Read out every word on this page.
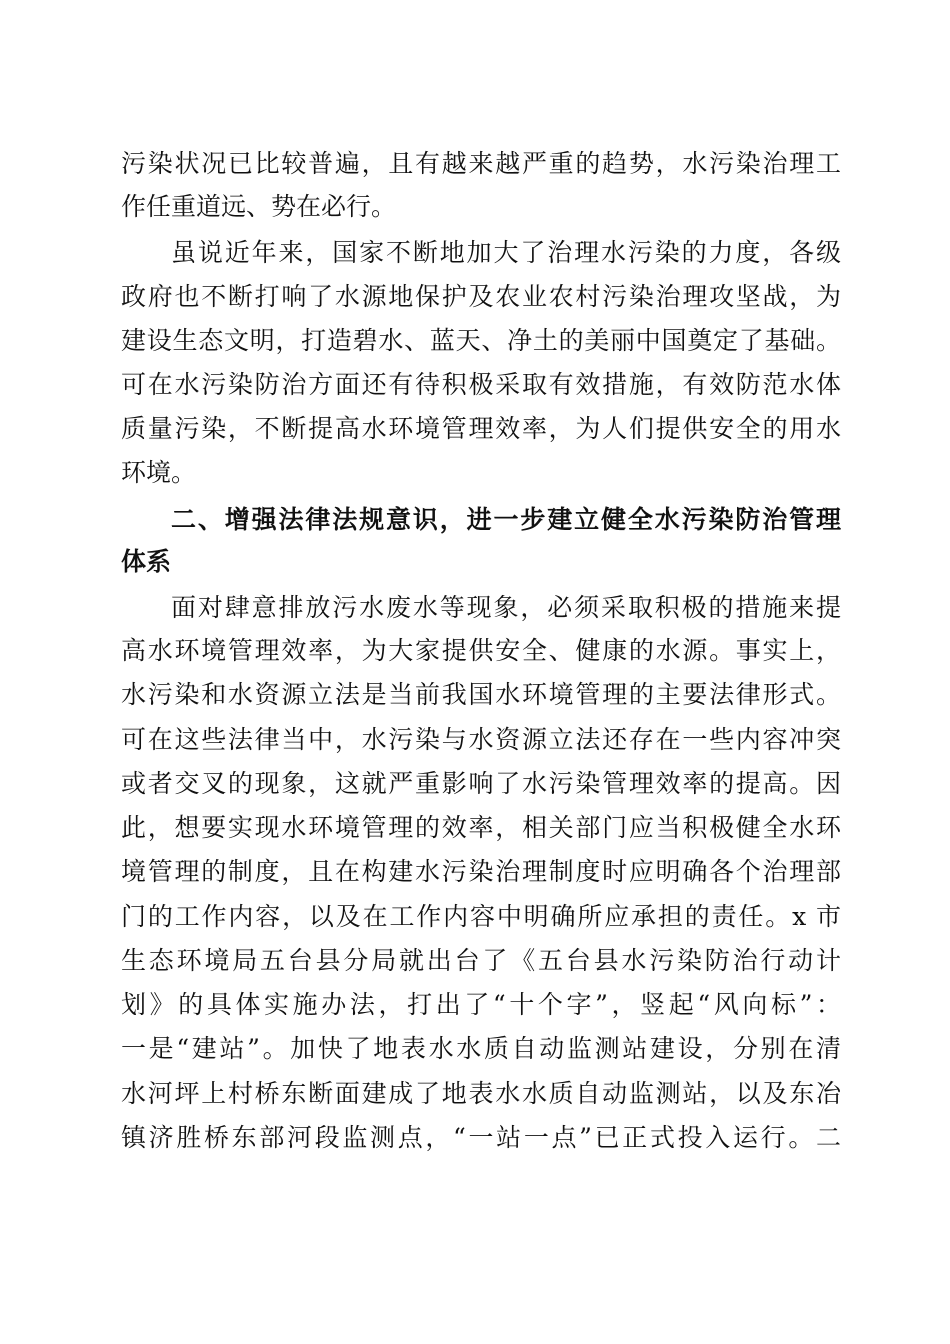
污染状况已比较普遍，且有越来越严重的趋势，水污染治理工
作任重道远、势在必行。
虽说近年来，国家不断地加大了治理水污染的力度，各级
政府也不断打响了水源地保护及农业农村污染治理攻坚战，为
建设生态文明，打造碧水、蓝天、净土的美丽中国奠定了基础。
可在水污染防治方面还有待积极采取有效措施，有效防范水体
质量污染，不断提高水环境管理效率，为人们提供安全的用水
环境。
二、增强法律法规意识，进一步建立健全水污染防治管理
体系
面对肆意排放污水废水等现象，必须采取积极的措施来提
高水环境管理效率，为大家提供安全、健康的水源。事实上，
水污染和水资源立法是当前我国水环境管理的主要法律形式。
可在这些法律当中，水污染与水资源立法还存在一些内容冲突
或者交叉的现象，这就严重影响了水污染管理效率的提高。因
此，想要实现水环境管理的效率，相关部门应当积极健全水环
境管理的制度，且在构建水污染治理制度时应明确各个治理部
门的工作内容，以及在工作内容中明确所应承担的责任。x 市
生态环境局五台县分局就出台了《五台县水污染防治行动计
划》的具体实施办法，打出了“十个字”，竖起“风向标”：
一是“建站”。加快了地表水水质自动监测站建设，分别在清
水河坪上村桥东断面建成了地表水水质自动监测站，以及东冶
镇济胜桥东部河段监测点，“一站一点”已正式投入运行。二
